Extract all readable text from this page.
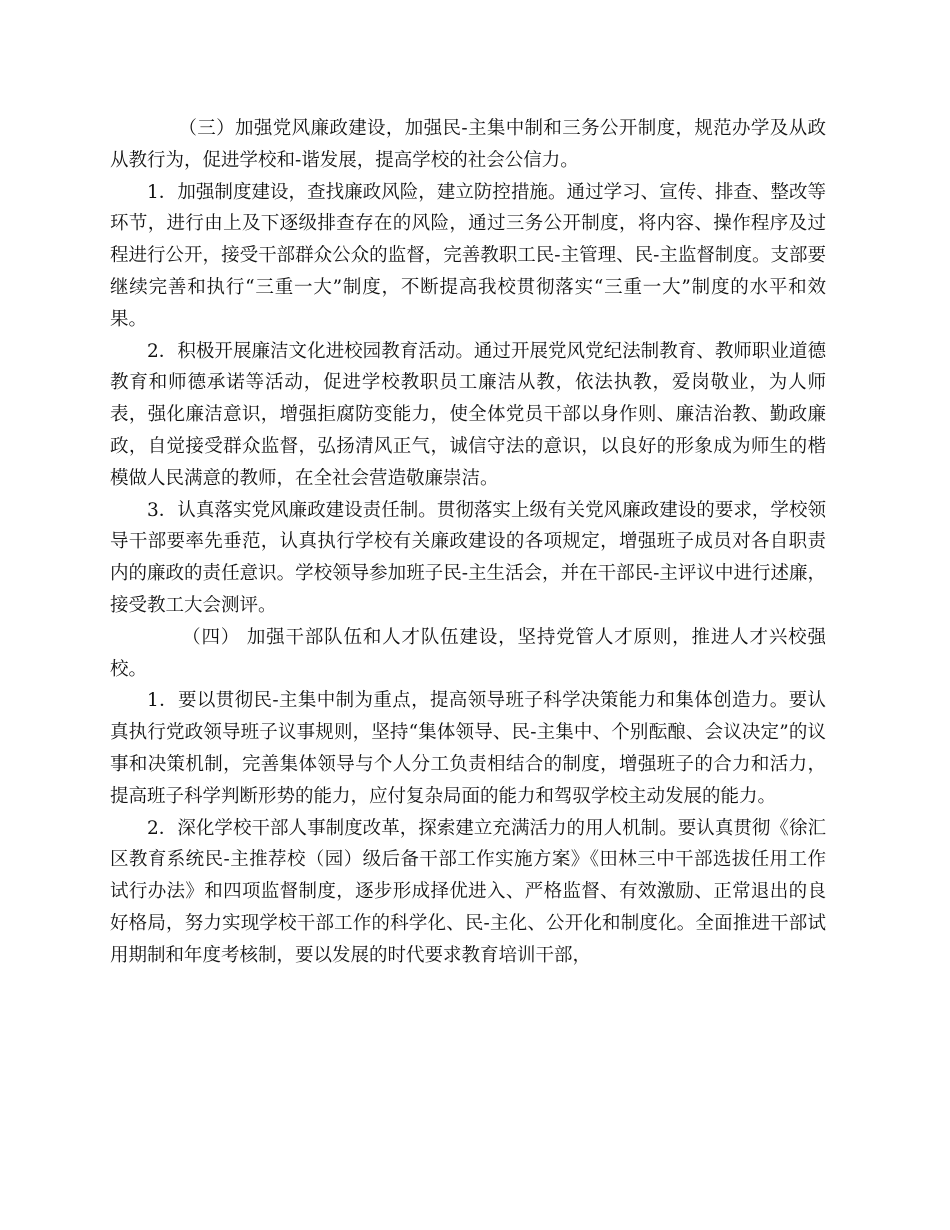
（三）加强党风廉政建设，加强民-主集中制和三务公开制度，规范办学及从政从教行为，促进学校和-谐发展，提高学校的社会公信力。

1．加强制度建设，查找廉政风险，建立防控措施。通过学习、宣传、排查、整改等环节，进行由上及下逐级排查存在的风险，通过三务公开制度，将内容、操作程序及过程进行公开，接受干部群众公众的监督，完善教职工民-主管理、民-主监督制度。支部要继续完善和执行“三重一大”制度，不断提高我校贯彻落实“三重一大”制度的水平和效果。

2．积极开展廉洁文化进校园教育活动。通过开展党风党纪法制教育、教师职业道德教育和师德承诺等活动，促进学校教职员工廉洁从教，依法执教，爱岗敬业，为人师表，强化廉洁意识，增强拒腐防变能力，使全体党员干部以身作则、廉洁治教、勤政廉政，自觉接受群众监督，弘扬清风正气，诚信守法的意识，以良好的形象成为师生的楷模做人民满意的教师，在全社会营造敬廉崇洁。

3．认真落实党风廉政建设责任制。贯彻落实上级有关党风廉政建设的要求，学校领导干部要率先垂范，认真执行学校有关廉政建设的各项规定，增强班子成员对各自职责内的廉政的责任意识。学校领导参加班子民-主生活会，并在干部民-主评议中进行述廉，接受教工大会测评。

（四） 加强干部队伍和人才队伍建设，坚持党管人才原则，推进人才兴校强校。

1．要以贯彻民-主集中制为重点，提高领导班子科学决策能力和集体创造力。要认真执行党政领导班子议事规则，坚持“集体领导、民-主集中、个别酝酿、会议决定”的议事和决策机制，完善集体领导与个人分工负责相结合的制度，增强班子的合力和活力，提高班子科学判断形势的能力，应付复杂局面的能力和驾驭学校主动发展的能力。

2．深化学校干部人事制度改革，探索建立充满活力的用人机制。要认真贯彻《徐汇区教育系统民-主推荐校（园）级后备干部工作实施方案》《田林三中干部选拔任用工作试行办法》和四项监督制度，逐步形成择优进入、严格监督、有效激励、正常退出的良好格局，努力实现学校干部工作的科学化、民-主化、公开化和制度化。全面推进干部试用期制和年度考核制，要以发展的时代要求教育培训干部，
